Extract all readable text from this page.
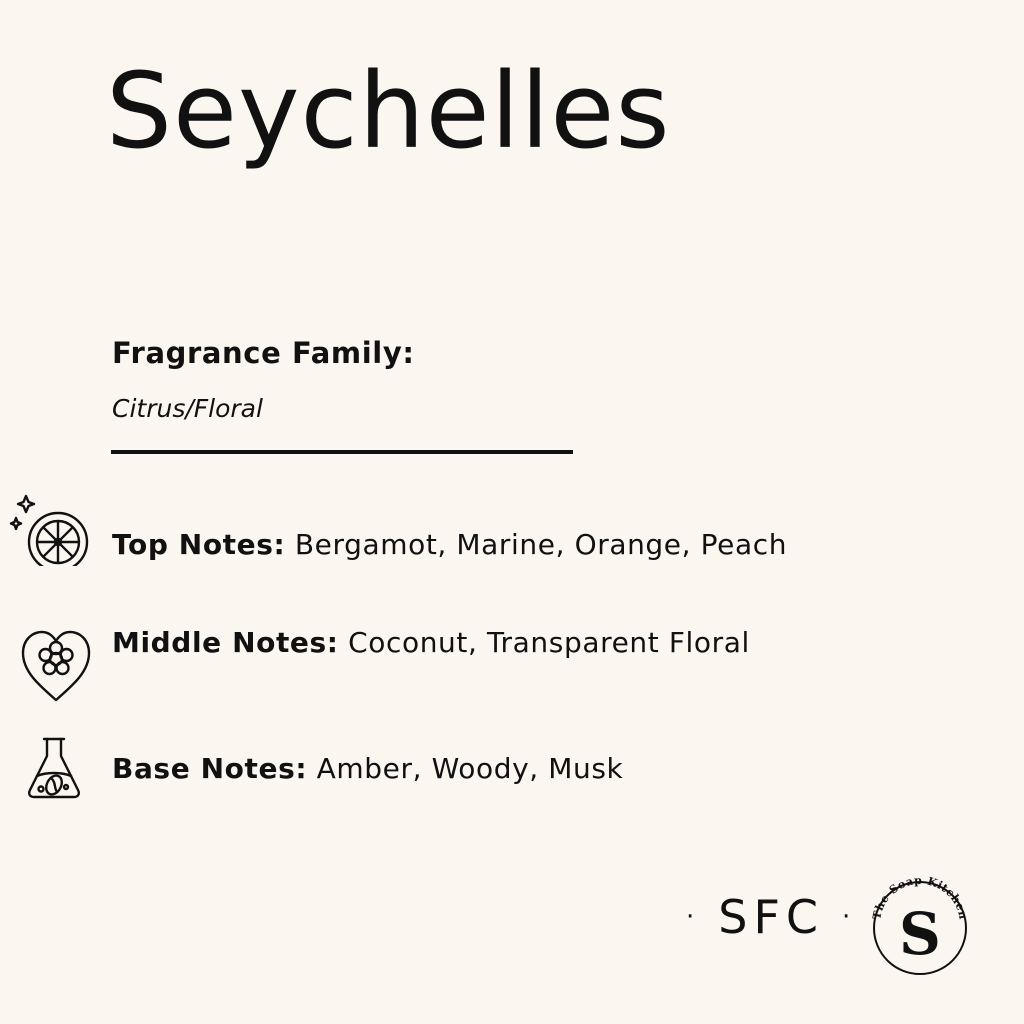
Seychelles
Fragrance Family:
Citrus/Floral
Top Notes: Bergamot, Marine, Orange, Peach
Middle Notes: Coconut, Transparent Floral
Base Notes: Amber, Woody, Musk
· SFC · The Soap Kitchen
S
